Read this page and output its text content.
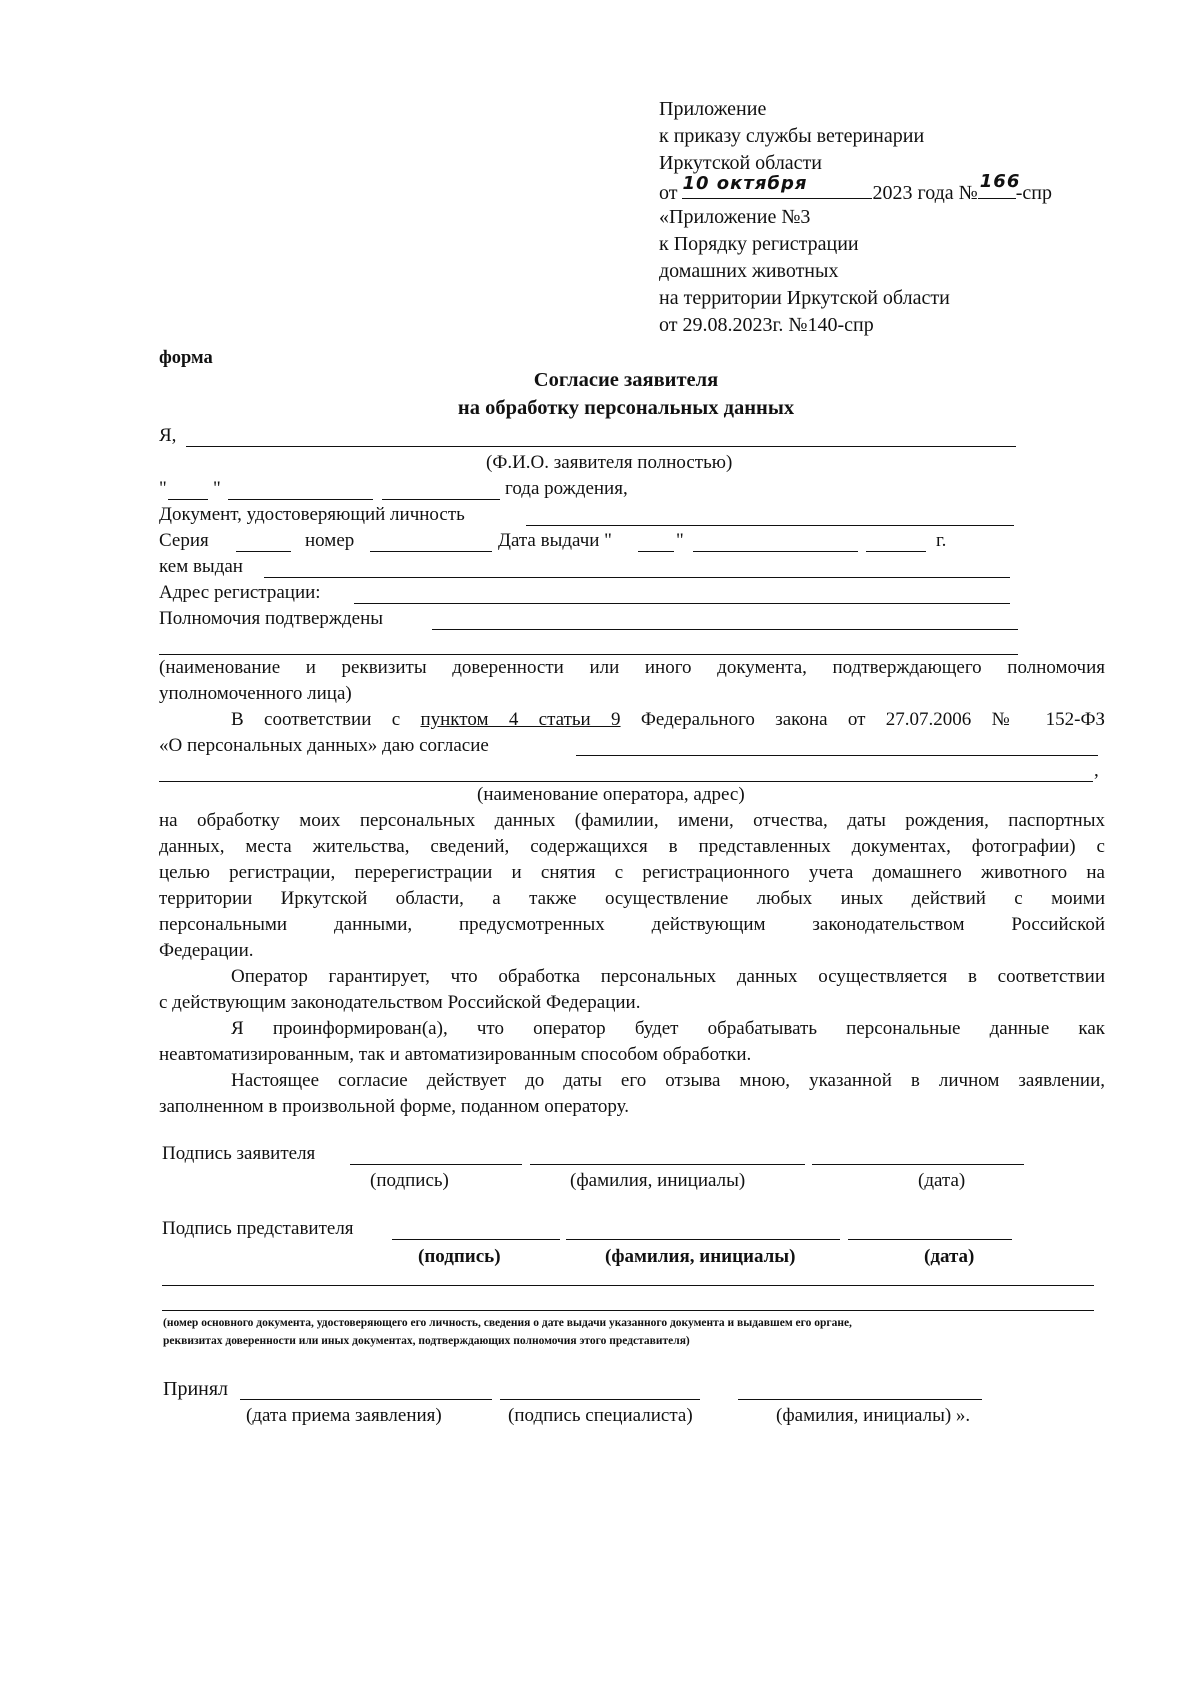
Приложение
к приказу службы ветеринарии
Иркутской области
от 10 октября	2023 года №
166
-спр
«Приложение №3
к Порядку регистрации
домашних животных
на территории Иркутской области
от 29.08.2023г. №140-спр
форма
Согласие заявителя
на обработку персональных данных
Я,
(Ф.И.О. заявителя полностью)
" "	года рождения,
Документ, удостоверяющий личность
Серия	номер	Дата выдачи "	"	г.
кем выдан
Адрес регистрации:
Полномочия подтверждены
(наименование и реквизиты доверенности или иного документа, подтверждающего полномочия
уполномоченного лица)
В соответствии с пунктом 4 статьи 9 Федерального закона от 27.07.2006 № 152-ФЗ
«О персональных данных» даю согласие
,
(наименование оператора, адрес)
на обработку моих персональных данных (фамилии, имени, отчества, даты рождения, паспортных
данных, места жительства, сведений, содержащихся в представленных документах, фотографии) с
целью регистрации, перерегистрации и снятия с регистрационного учета домашнего животного на
территории Иркутской области, а также осуществление любых иных действий с моими
персональными данными, предусмотренных действующим законодательством Российской
Федерации.
Оператор гарантирует, что обработка персональных данных осуществляется в соответствии
с действующим законодательством Российской Федерации.
Я проинформирован(а), что оператор будет обрабатывать персональные данные как
неавтоматизированным, так и автоматизированным способом обработки.
Настоящее согласие действует до даты его отзыва мною, указанной в личном заявлении,
заполненном в произвольной форме, поданном оператору.
Подпись заявителя
(подпись)	(фамилия, инициалы)	(дата)
Подпись представителя
(подпись)	(фамилия, инициалы)	(дата)
(номер основного документа, удостоверяющего его личность, сведения о дате выдачи указанного документа и выдавшем его органе,
реквизитах доверенности или иных документах, подтверждающих полномочия этого представителя)
Принял
(дата приема заявления)	(подпись специалиста)	(фамилия, инициалы) ».
